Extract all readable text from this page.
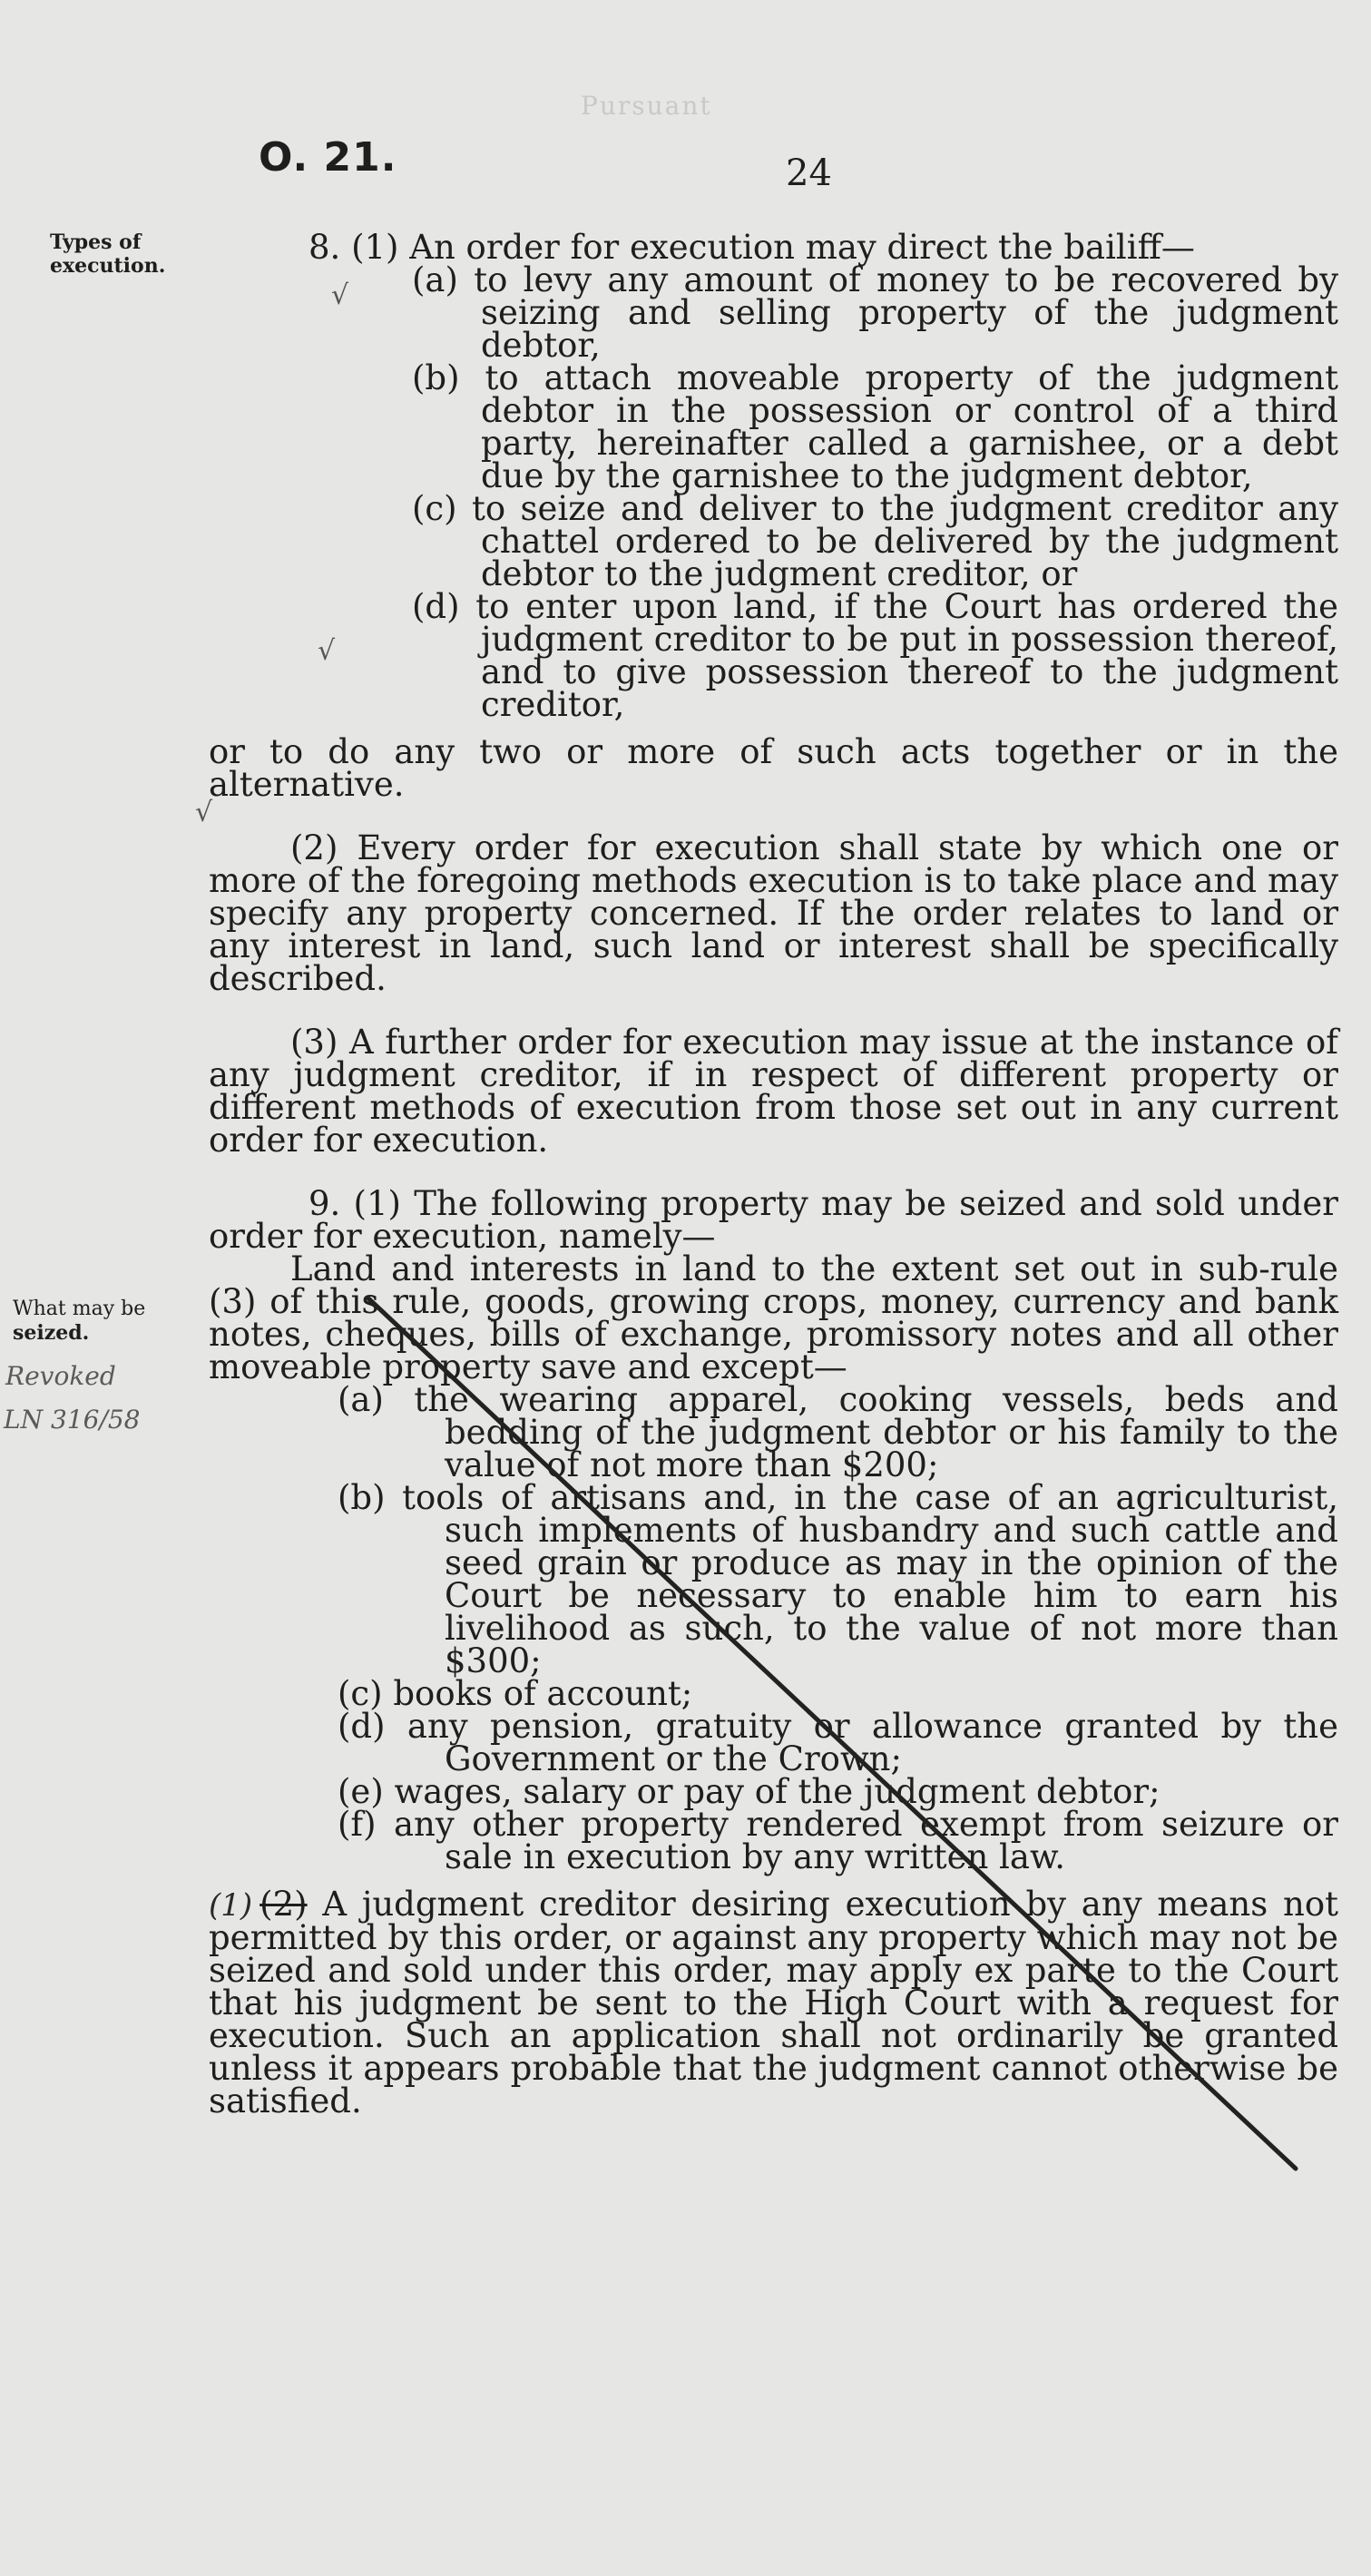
Pursuant
O. 21.	24
Types of
execution.
What may be
seized.
Revoked
LN 316/58
√
√
√

8. (1) An order for execution may direct the bailiff—

(a) to levy any amount of money to be recovered by seizing and selling property of the judgment debtor,

(b) to attach moveable property of the judgment debtor in the possession or control of a third party, hereinafter called a garnishee, or a debt due by the garnishee to the judgment debtor,

(c) to seize and deliver to the judgment creditor any chattel ordered to be delivered by the judgment debtor to the judgment creditor, or

(d) to enter upon land, if the Court has ordered the judgment creditor to be put in possession thereof, and to give possession thereof to the judgment creditor,

or to do any two or more of such acts together or in the alternative.

(2) Every order for execution shall state by which one or more of the foregoing methods execution is to take place and may specify any property concerned. If the order relates to land or any interest in land, such land or interest shall be specifically described.

(3) A further order for execution may issue at the instance of any judgment creditor, if in respect of different property or different methods of execution from those set out in any current order for execution.

9. (1) The following property may be seized and sold under order for execution, namely—

Land and interests in land to the extent set out in sub-rule (3) of this rule, goods, growing crops, money, currency and bank notes, cheques, bills of exchange, promissory notes and all other moveable property save and except—

(a) the wearing apparel, cooking vessels, beds and bedding of the judgment debtor or his family to the value of not more than $200;

(b) tools of artisans and, in the case of an agriculturist, such implements of husbandry and such cattle and seed grain or produce as may in the opinion of the Court be necessary to enable him to earn his livelihood as such, to the value of not more than $300;

(c) books of account;

(d) any pension, gratuity or allowance granted by the Government or the Crown;

(e) wages, salary or pay of the judgment debtor;

(f) any other property rendered exempt from seizure or sale in execution by any written law.

(1) (2) A judgment creditor desiring execution by any means not permitted by this order, or against any property which may not be seized and sold under this order, may apply ex parte to the Court that his judgment be sent to the High Court with a request for execution. Such an application shall not ordinarily be granted unless it appears probable that the judgment cannot otherwise be satisfied.
